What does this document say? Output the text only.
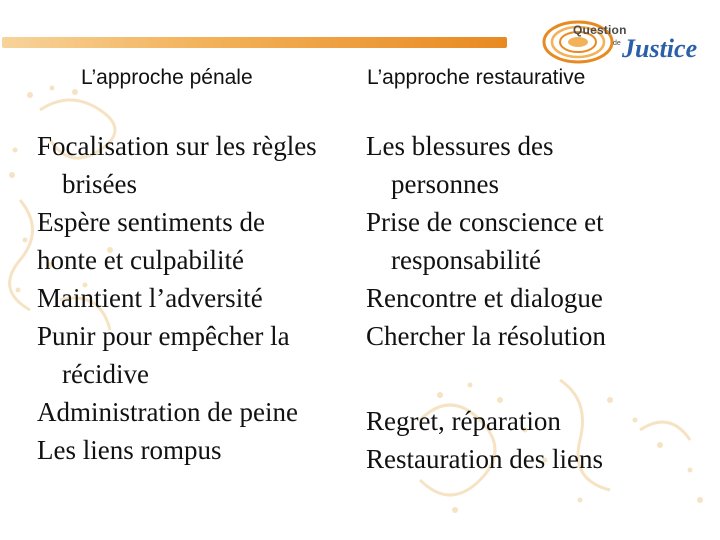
Question
de Justice
L’approche pénale	L’approche restaurative
Focalisation sur les règles brisées
Espère sentiments de
honte et culpabilité
Maintient l’adversité
Punir pour empêcher la récidive
Administration de peine
Les liens rompus
Les blessures des personnes
Prise de conscience et responsabilité
Rencontre et dialogue
Chercher la résolution
Regret, réparation
Restauration des liens
